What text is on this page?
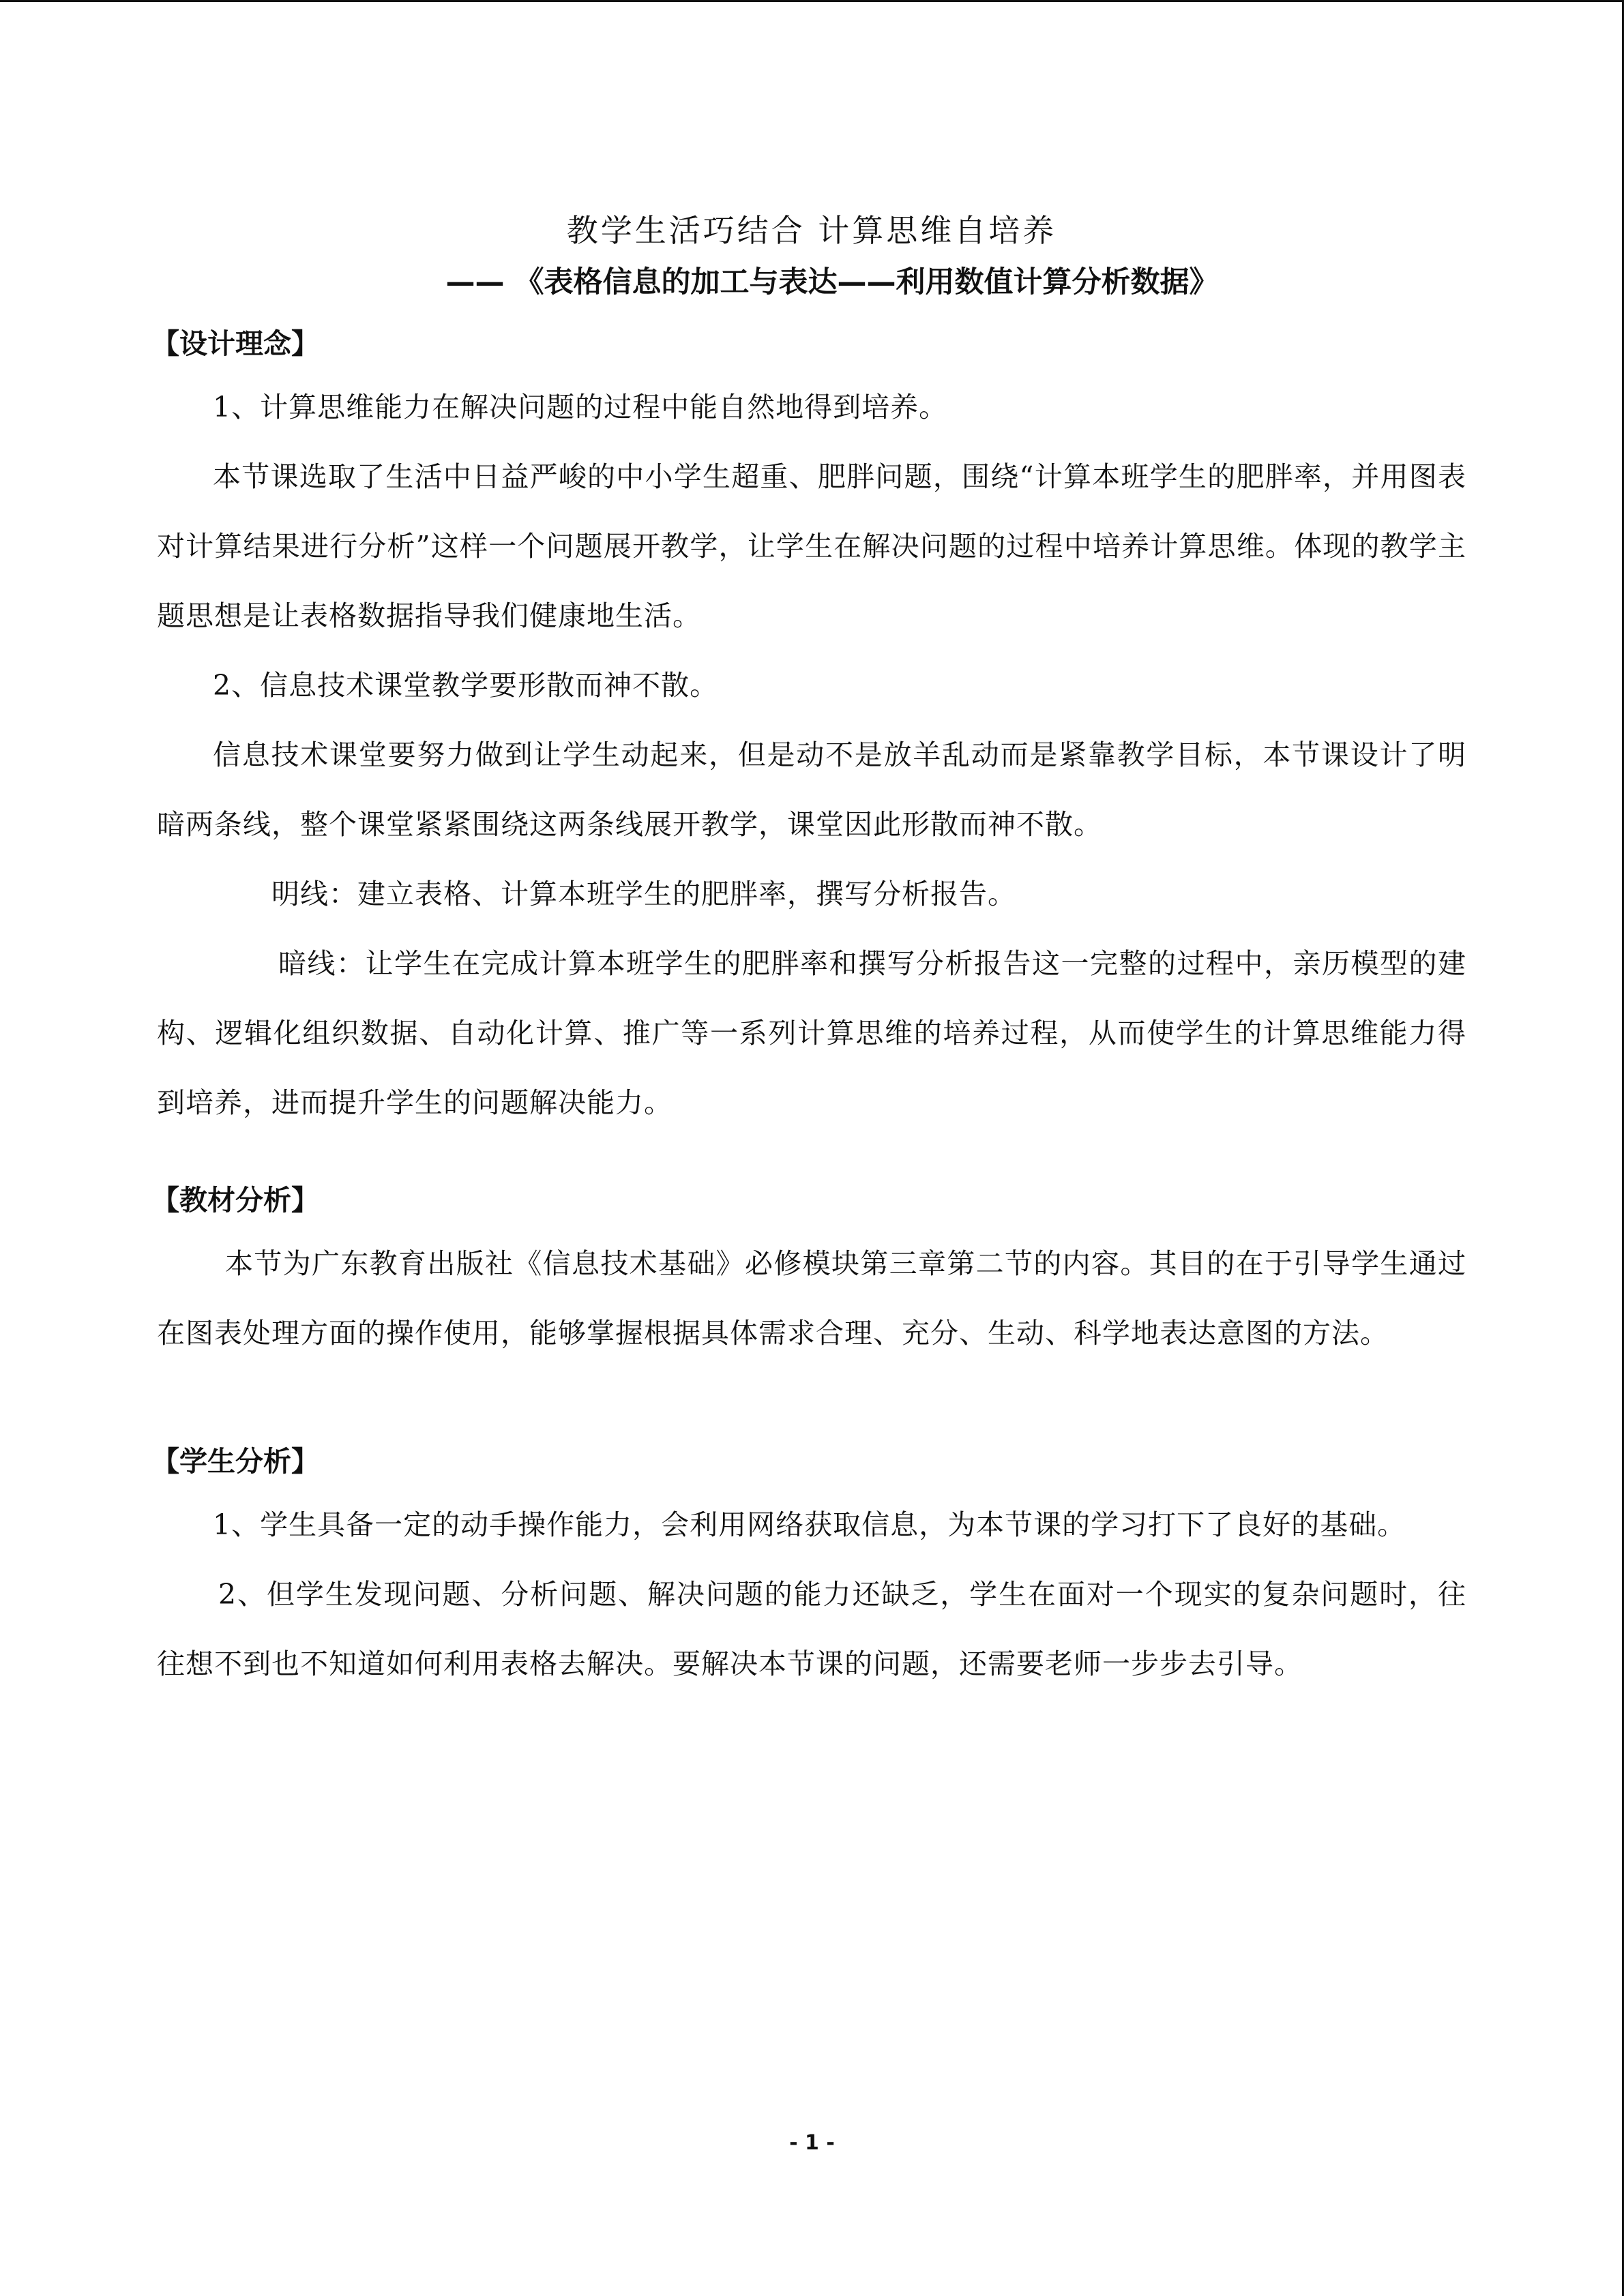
教学生活巧结合 计算思维自培养
—— 《表格信息的加工与表达——利用数值计算分析数据》

【设计理念】

1、计算思维能力在解决问题的过程中能自然地得到培养。

本节课选取了生活中日益严峻的中小学生超重、肥胖问题，围绕“计算本班学生的肥胖率，并用图表对计算结果进行分析”这样一个问题展开教学，让学生在解决问题的过程中培养计算思维。体现的教学主题思想是让表格数据指导我们健康地生活。

2、信息技术课堂教学要形散而神不散。

信息技术课堂要努力做到让学生动起来，但是动不是放羊乱动而是紧靠教学目标，本节课设计了明暗两条线，整个课堂紧紧围绕这两条线展开教学，课堂因此形散而神不散。

明线：建立表格、计算本班学生的肥胖率，撰写分析报告。

暗线：让学生在完成计算本班学生的肥胖率和撰写分析报告这一完整的过程中，亲历模型的建构、逻辑化组织数据、自动化计算、推广等一系列计算思维的培养过程，从而使学生的计算思维能力得到培养，进而提升学生的问题解决能力。

【教材分析】

本节为广东教育出版社《信息技术基础》必修模块第三章第二节的内容。其目的在于引导学生通过在图表处理方面的操作使用，能够掌握根据具体需求合理、充分、生动、科学地表达意图的方法。

【学生分析】

1、学生具备一定的动手操作能力，会利用网络获取信息，为本节课的学习打下了良好的基础。

2、但学生发现问题、分析问题、解决问题的能力还缺乏，学生在面对一个现实的复杂问题时，往往想不到也不知道如何利用表格去解决。要解决本节课的问题，还需要老师一步步去引导。

- 1 -
